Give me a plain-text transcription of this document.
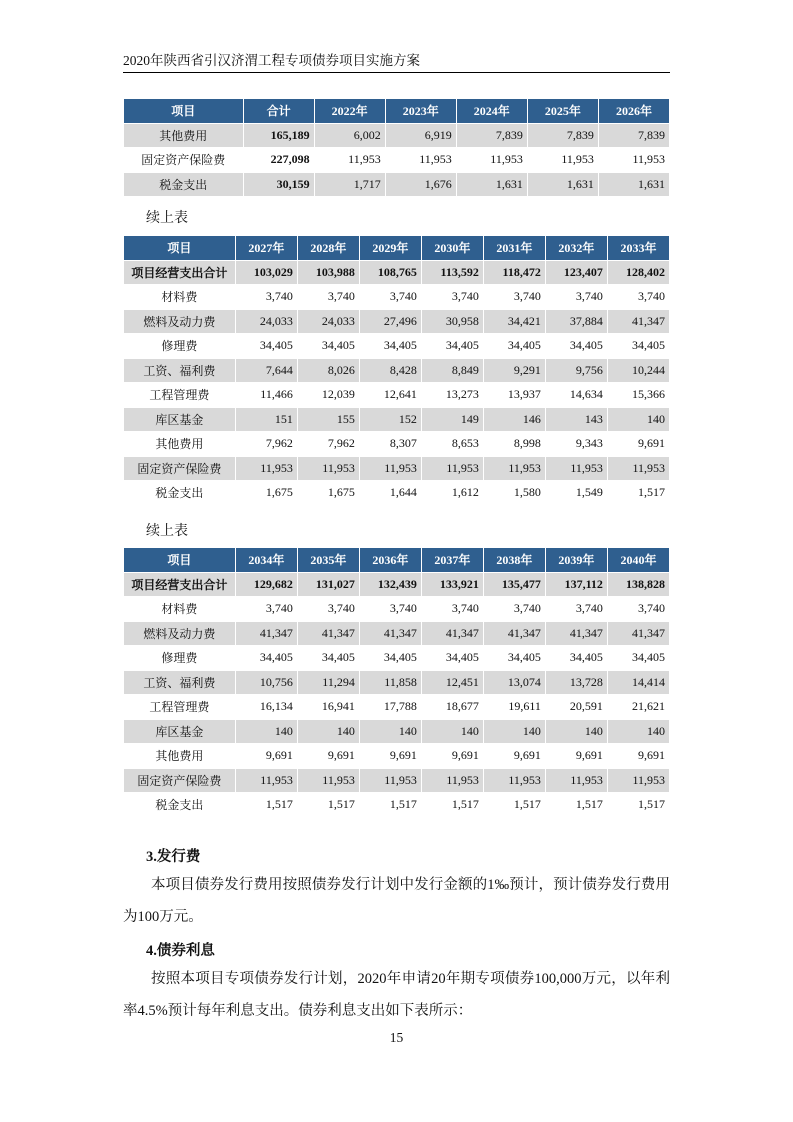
2020年陕西省引汉济渭工程专项债券项目实施方案
项目	合计	2022年	2023年	2024年	2025年	2026年
其他费用	165,189	6,002	6,919	7,839	7,839	7,839
固定资产保险费	227,098	11,953	11,953	11,953	11,953	11,953
税金支出	30,159	1,717	1,676	1,631	1,631	1,631
续上表
项目	2027年	2028年	2029年	2030年	2031年	2032年	2033年
项目经营支出合计	103,029	103,988	108,765	113,592	118,472	123,407	128,402
材料费	3,740	3,740	3,740	3,740	3,740	3,740	3,740
燃料及动力费	24,033	24,033	27,496	30,958	34,421	37,884	41,347
修理费	34,405	34,405	34,405	34,405	34,405	34,405	34,405
工资、福利费	7,644	8,026	8,428	8,849	9,291	9,756	10,244
工程管理费	11,466	12,039	12,641	13,273	13,937	14,634	15,366
库区基金	151	155	152	149	146	143	140
其他费用	7,962	7,962	8,307	8,653	8,998	9,343	9,691
固定资产保险费	11,953	11,953	11,953	11,953	11,953	11,953	11,953
税金支出	1,675	1,675	1,644	1,612	1,580	1,549	1,517
续上表
项目	2034年	2035年	2036年	2037年	2038年	2039年	2040年
项目经营支出合计	129,682	131,027	132,439	133,921	135,477	137,112	138,828
材料费	3,740	3,740	3,740	3,740	3,740	3,740	3,740
燃料及动力费	41,347	41,347	41,347	41,347	41,347	41,347	41,347
修理费	34,405	34,405	34,405	34,405	34,405	34,405	34,405
工资、福利费	10,756	11,294	11,858	12,451	13,074	13,728	14,414
工程管理费	16,134	16,941	17,788	18,677	19,611	20,591	21,621
库区基金	140	140	140	140	140	140	140
其他费用	9,691	9,691	9,691	9,691	9,691	9,691	9,691
固定资产保险费	11,953	11,953	11,953	11,953	11,953	11,953	11,953
税金支出	1,517	1,517	1,517	1,517	1,517	1,517	1,517
3.发行费
本项目债券发行费用按照债券发行计划中发行金额的1‰预计，预计债券发行费用为100万元。
4.债券利息
按照本项目专项债券发行计划，2020年申请20年期专项债券100,000万元，以年利率4.5%预计每年利息支出。债券利息支出如下表所示：
15
